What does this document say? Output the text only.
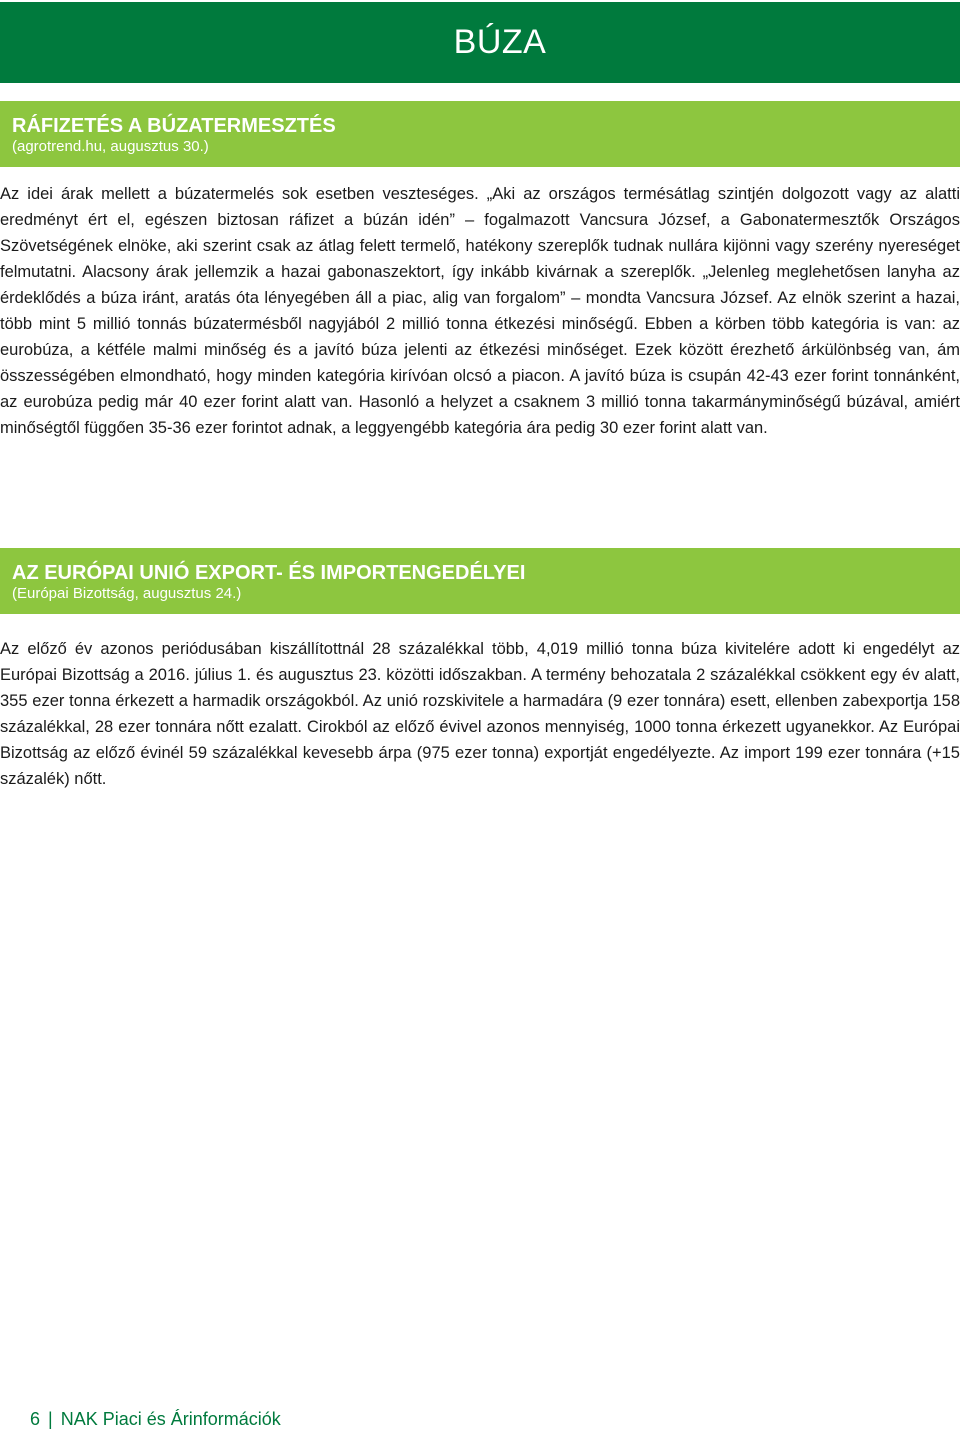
BÚZA

RÁFIZETÉS A BÚZATERMESZTÉS

(agrotrend.hu, augusztus 30.)

Az idei árak mellett a búzatermelés sok esetben veszteséges. „Aki az országos termésátlag szintjén dolgozott vagy az alatti eredményt ért el, egészen biztosan ráfizet a búzán idén” – fogalmazott Vancsura József, a Gabonatermesztők Országos Szövetségének elnöke, aki szerint csak az átlag felett termelő, hatékony szereplők tudnak nullára kijönni vagy szerény nyereséget felmutatni. Alacsony árak jellemzik a hazai gabonaszektort, így inkább kivárnak a szereplők. „Jelenleg meglehetősen lanyha az érdeklődés a búza iránt, aratás óta lényegében áll a piac, alig van forgalom” – mondta Vancsura József. Az elnök szerint a hazai, több mint 5 millió tonnás búzatermésből nagyjából 2 millió tonna étkezési minőségű. Ebben a körben több kategória is van: az eurobúza, a kétféle malmi minőség és a javító búza jelenti az étkezési minőséget. Ezek között érezhető árkülönbség van, ám összességében elmondható, hogy minden kategória kirívóan olcsó a piacon. A javító búza is csupán 42-43 ezer forint tonnánként, az eurobúza pedig már 40 ezer forint alatt van. Hasonló a helyzet a csaknem 3 millió tonna takarmányminőségű búzával, amiért minőségtől függően 35-36 ezer forintot adnak, a leggyengébb kategória ára pedig 30 ezer forint alatt van.

AZ EURÓPAI UNIÓ EXPORT- ÉS IMPORTENGEDÉLYEI

(Európai Bizottság, augusztus 24.)

Az előző év azonos periódusában kiszállítottnál 28 százalékkal több, 4,019 millió tonna búza kivitelére adott ki engedélyt az Európai Bizottság a 2016. július 1. és augusztus 23. közötti időszakban. A termény behozatala 2 százalékkal csökkent egy év alatt, 355 ezer tonna érkezett a harmadik országokból. Az unió rozskivitele a harmadára (9 ezer tonnára) esett, ellenben zabexportja 158 százalékkal, 28 ezer tonnára nőtt ezalatt. Cirokból az előző évivel azonos mennyiség, 1000 tonna érkezett ugyanekkor. Az Európai Bizottság az előző évinél 59 százalékkal kevesebb árpa (975 ezer tonna) exportját engedélyezte. Az import 199 ezer tonnára (+15 százalék) nőtt.

6 | NAK Piaci és Árinformációk
